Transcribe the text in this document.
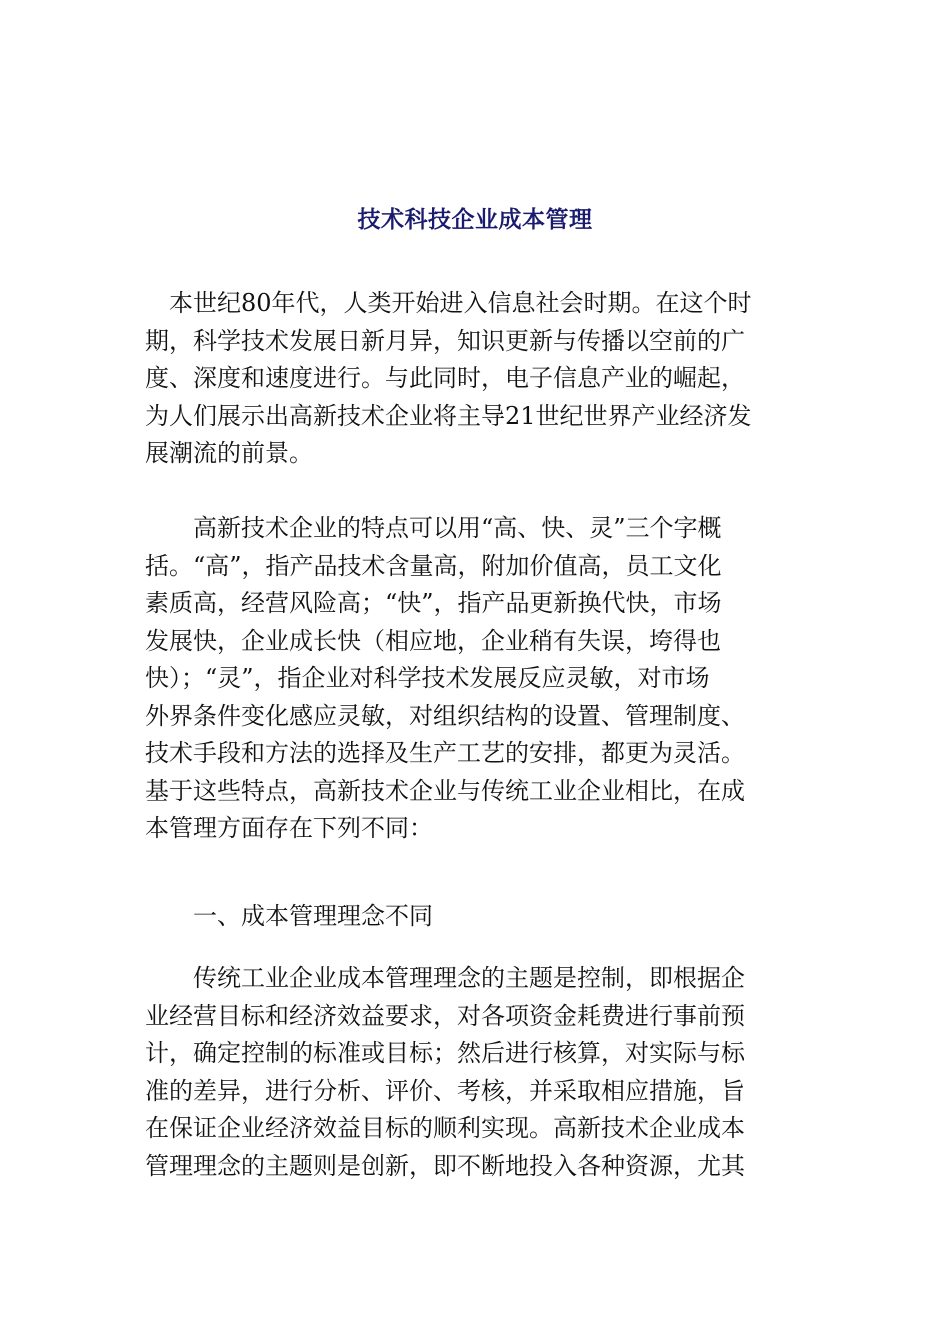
技术科技企业成本管理
　本世纪80年代，人类开始进入信息社会时期。在这个时
期，科学技术发展日新月异，知识更新与传播以空前的广
度、深度和速度进行。与此同时，电子信息产业的崛起，
为人们展示出高新技术企业将主导21世纪世界产业经济发
展潮流的前景。
　　高新技术企业的特点可以用“高、快、灵”三个字概
括。“高”，指产品技术含量高，附加价值高，员工文化
素质高，经营风险高；“快”，指产品更新换代快，市场
发展快，企业成长快（相应地，企业稍有失误，垮得也
快）；“灵”，指企业对科学技术发展反应灵敏，对市场
外界条件变化感应灵敏，对组织结构的设置、管理制度、
技术手段和方法的选择及生产工艺的安排，都更为灵活。
基于这些特点，高新技术企业与传统工业企业相比，在成
本管理方面存在下列不同：
　　一、成本管理理念不同
　　传统工业企业成本管理理念的主题是控制，即根据企
业经营目标和经济效益要求，对各项资金耗费进行事前预
计，确定控制的标准或目标；然后进行核算，对实际与标
准的差异，进行分析、评价、考核，并采取相应措施，旨
在保证企业经济效益目标的顺利实现。高新技术企业成本
管理理念的主题则是创新，即不断地投入各种资源，尤其
